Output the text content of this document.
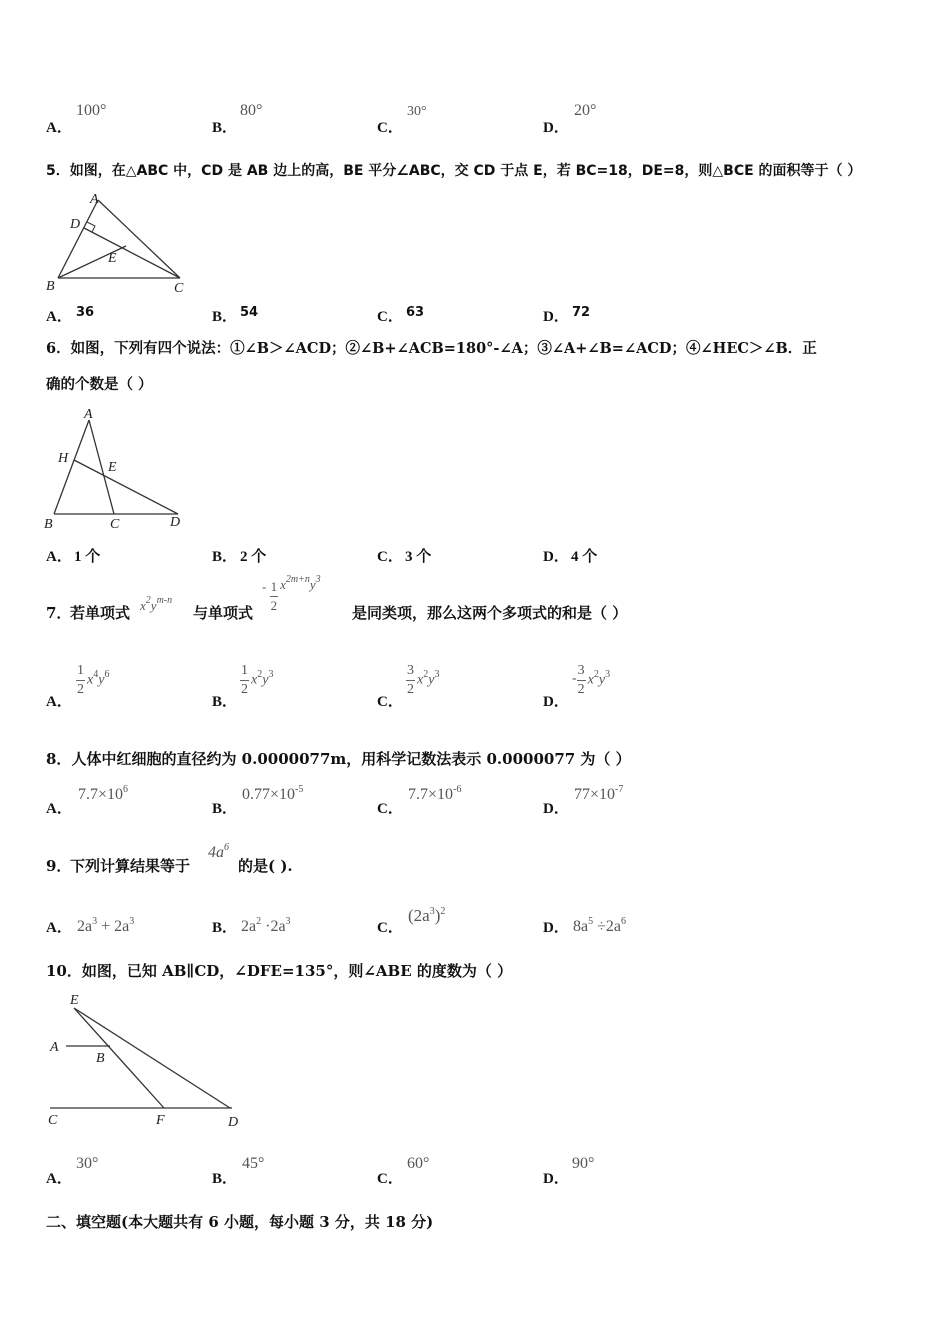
A．
100°
B．
80°
C．
30°
D．
20°
5．如图，在△ABC 中，CD 是 AB 边上的高，BE 平分∠ABC，交 CD 于点 E，若 BC=18，DE=8，则△BCE 的面积等于（ ）
A
D
E
B	C
A． 36	B． 54	C． 63	D． 72
6．如图，下列有四个说法：①∠B＞∠ACD；②∠B+∠ACB=180°-∠A；③∠A+∠B=∠ACD；④∠HEC＞∠B．正
确的个数是（ ）
A
H
E
B	C	D
A． 1 个	B． 2 个	C． 3 个	D． 4 个
7．
若单项式 $x^2y^{m-n}$
与单项式
- $\frac{1}{2} x^{2m+n}y^3$
是同类项，那么这两个多项式的和是（ ）
A．
$\frac{1}{2} x^4y^6$
B．
$\frac{1}{2} x^2y^3$
C．
$\frac{3}{2} x^2y^3$
D．
- $\frac{3}{2} x^2y^3$
8．人体中红细胞的直径约为 0.0000077m，用科学记数法表示 0.0000077 为（ ）
A．
$7.7\times 10^6$
B．
$0.77\times 10^{-5}$
C．
$7.7\times 10^{-6}$
D．
$77\times 10^{-7}$
9．
下列计算结果等于
$4a^6$
的是( ).
A． $2a^3 + 2a^3$	B． $2a^2 \cdot 2a^3$	C．
$(2a^3)^2$
D． $8a^5 \div 2a^6$
10．如图，已知 AB∥CD，∠DFE=135°，则∠ABE 的度数为（ ）
E
A
B
C	F	D
A．
30°
B．
45°
C．
60°
D．
90°
二、填空题(本大题共有 6 小题，每小题 3 分，共 18 分)
